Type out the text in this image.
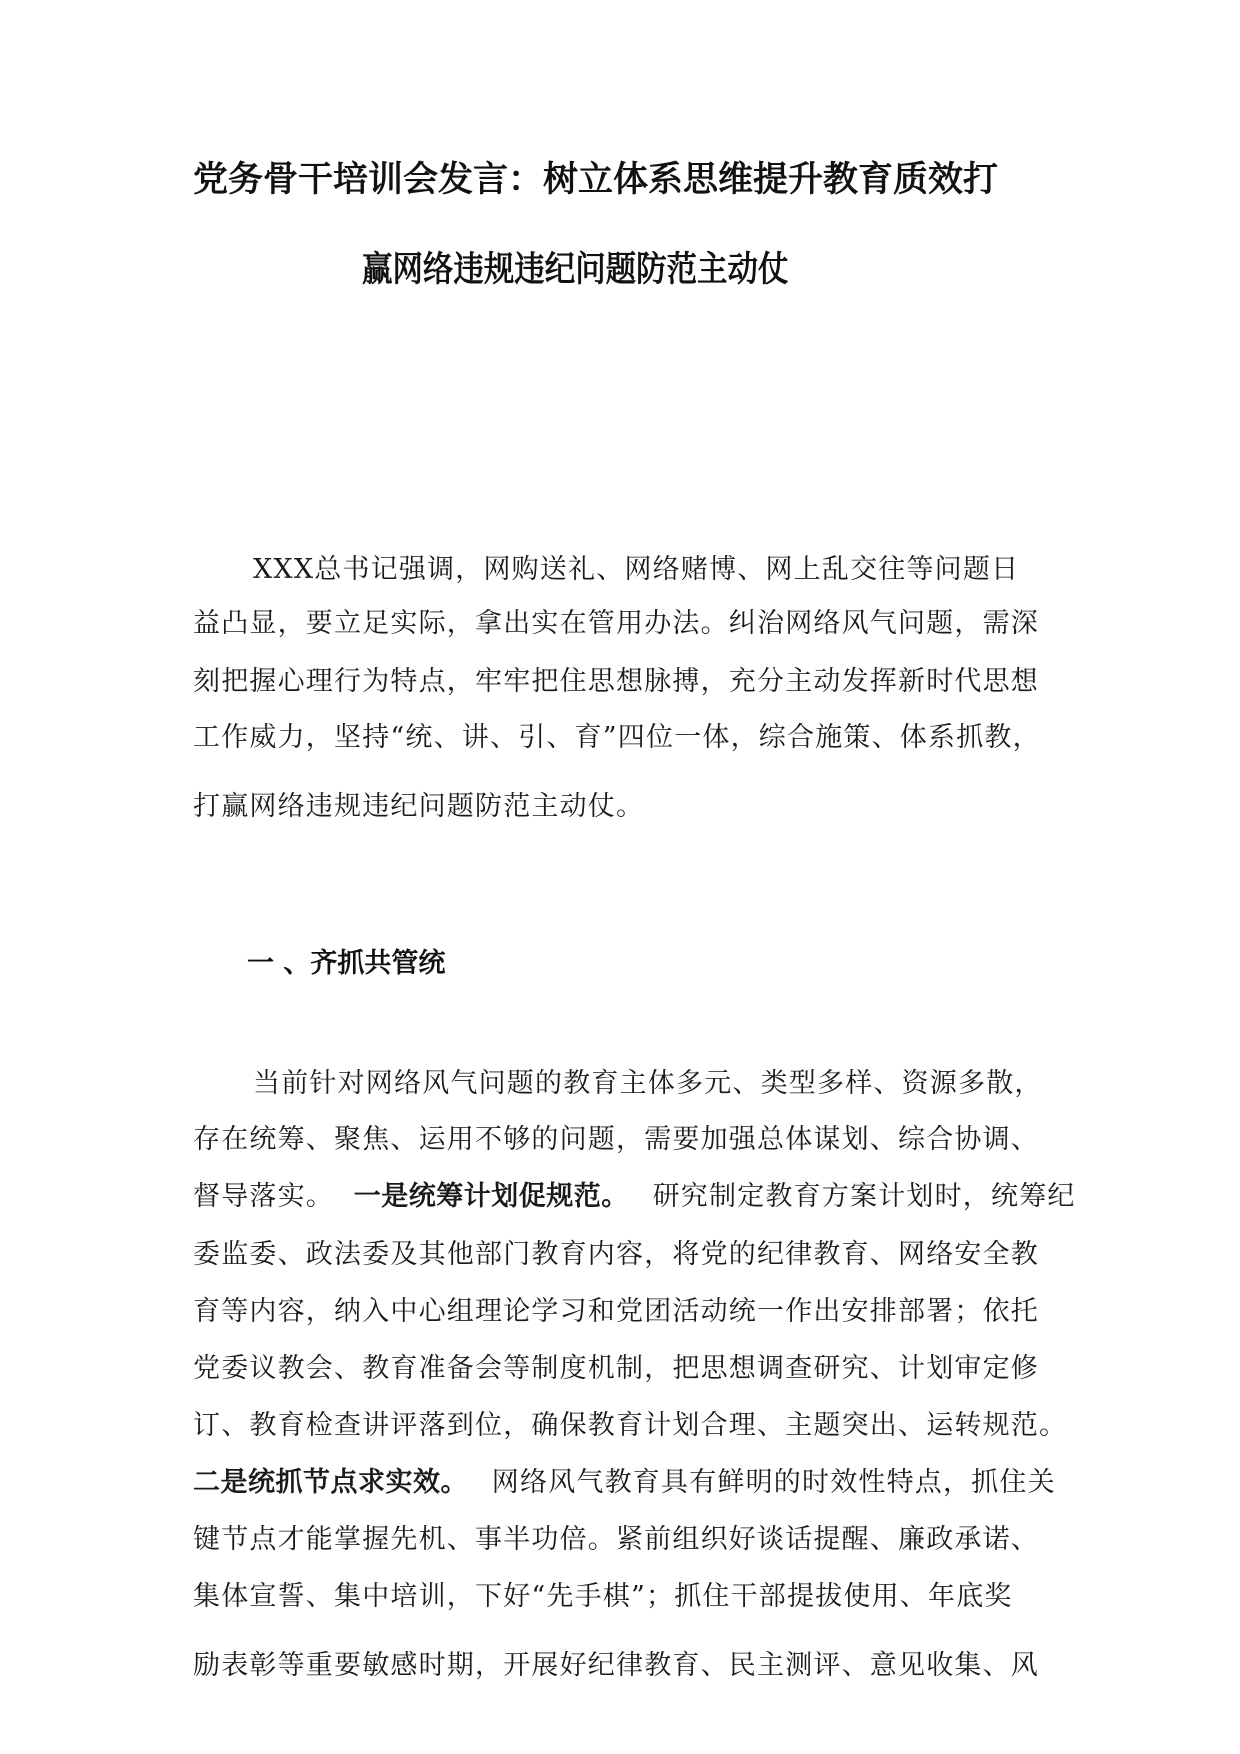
党务骨干培训会发言：树立体系思维提升教育质效打
赢网络违规违纪问题防范主动仗
XXX总书记强调，网购送礼、网络赌博、网上乱交往等问题日
益凸显，要立足实际，拿出实在管用办法。纠治网络风气问题，需深
刻把握心理行为特点，牢牢把住思想脉搏，充分主动发挥新时代思想
工作威力，坚持“统、讲、引、育”四位一体，综合施策、体系抓教，
打赢网络违规违纪问题防范主动仗。
一 、齐抓共管统
当前针对网络风气问题的教育主体多元、类型多样、资源多散，
存在统筹、聚焦、运用不够的问题，需要加强总体谋划、综合协调、
督导落实。 一是统筹计划促规范。 研究制定教育方案计划时，统筹纪
委监委、政法委及其他部门教育内容，将党的纪律教育、网络安全教
育等内容，纳入中心组理论学习和党团活动统一作出安排部署；依托
党委议教会、教育准备会等制度机制，把思想调查研究、计划审定修
订、教育检查讲评落到位，确保教育计划合理、主题突出、运转规范。
二是统抓节点求实效。 网络风气教育具有鲜明的时效性特点，抓住关
键节点才能掌握先机、事半功倍。紧前组织好谈话提醒、廉政承诺、
集体宣誓、集中培训，下好“先手棋”；抓住干部提拔使用、年底奖
励表彰等重要敏感时期，开展好纪律教育、民主测评、意见收集、风
